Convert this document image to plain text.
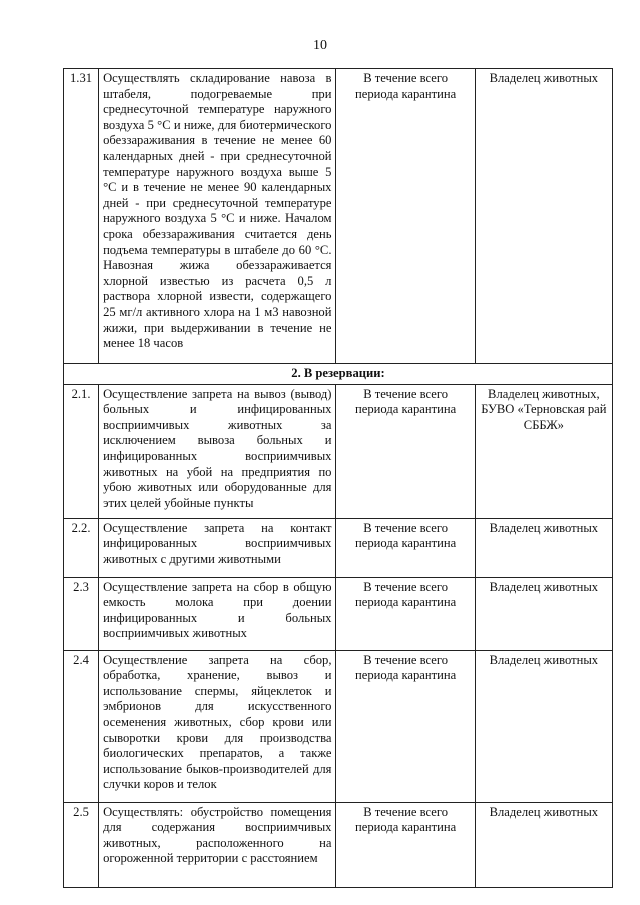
10
1.31	Осуществлять складирование навоза в штабеля, подогреваемые при среднесуточной температуре наружного воздуха 5 °С и ниже, для биотермического обеззараживания в течение не менее 60 календарных дней - при среднесуточной температуре наружного воздуха выше 5 °С и в течение не менее 90 календарных дней - при среднесуточной температуре наружного воздуха 5 °С и ниже. Началом срока обеззараживания считается день подъема температуры в штабеле до 60 °С. Навозная жижа обеззараживается хлорной известью из расчета 0,5 л раствора хлорной извести, содержащего 25 мг/л активного хлора на 1 м3 навозной жижи, при выдерживании в течение не менее 18 часов	В течение всего периода карантина	Владелец животных
2. В резервации:			
2.1.	Осуществление запрета на вывоз (вывод) больных и инфицированных восприимчивых животных за исключением вывоза больных и инфицированных восприимчивых животных на убой на предприятия по убою животных или оборудованные для этих целей убойные пункты	В течение всего периода карантина	Владелец животных, БУВО «Терновская рай СББЖ»
2.2.	Осуществление запрета на контакт инфицированных восприимчивых животных с другими животными	В течение всего периода карантина	Владелец животных
2.3	Осуществление запрета на сбор в общую емкость молока при доении инфицированных и больных восприимчивых животных	В течение всего периода карантина	Владелец животных
2.4	Осуществление запрета на сбор, обработка, хранение, вывоз и использование спермы, яйцеклеток и эмбрионов для искусственного осеменения животных, сбор крови или сыворотки крови для производства биологических препаратов, а также использование быков-производителей для случки коров и телок	В течение всего периода карантина	Владелец животных
2.5	Осуществлять: обустройство помещения для содержания восприимчивых животных, расположенного на огороженной территории с расстоянием	В течение всего периода карантина	Владелец животных
